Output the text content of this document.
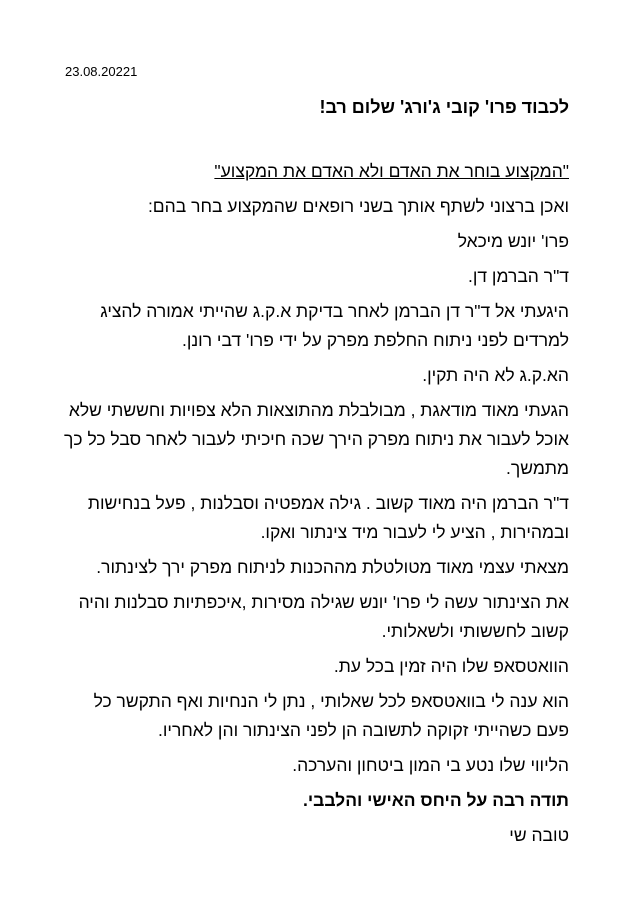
23.08.20221

לכבוד פרו' קובי ג'ורג' שלום רב!

"המקצוע בוחר את האדם ולא האדם את המקצוע"

ואכן ברצוני לשתף אותך בשני רופאים שהמקצוע בחר בהם:

פרו' יונש מיכאל

ד"ר הברמן דן.

היגעתי אל ד"ר דן הברמן לאחר בדיקת א.ק.ג שהייתי אמורה להציג למרדים לפני ניתוח החלפת מפרק על ידי פרו' דבי רונן.

הא.ק.ג לא היה תקין.

הגעתי מאוד מודאגת , מבולבלת מהתוצאות הלא צפויות וחששתי שלא אוכל לעבור את ניתוח מפרק הירך שכה חיכיתי לעבור לאחר סבל כל כך מתמשך.

ד"ר הברמן היה מאוד קשוב . גילה אמפטיה וסבלנות , פעל בנחישות ובמהירות , הציע לי לעבור מיד צינתור ואקו.

מצאתי עצמי מאוד מטולטלת מההכנות לניתוח מפרק ירך לצינתור.

את הצינתור עשה לי פרו' יונש שגילה מסירות ,איכפתיות סבלנות והיה קשוב לחששותי ולשאלותי.

הוואטסאפ שלו היה זמין בכל עת.

הוא ענה לי בוואטסאפ לכל שאלותי , נתן לי הנחיות ואף התקשר כל פעם כשהייתי זקוקה לתשובה הן לפני הצינתור והן לאחריו.

הליווי שלו נטע בי המון ביטחון והערכה.

תודה רבה על היחס האישי והלבבי.

טובה שי
